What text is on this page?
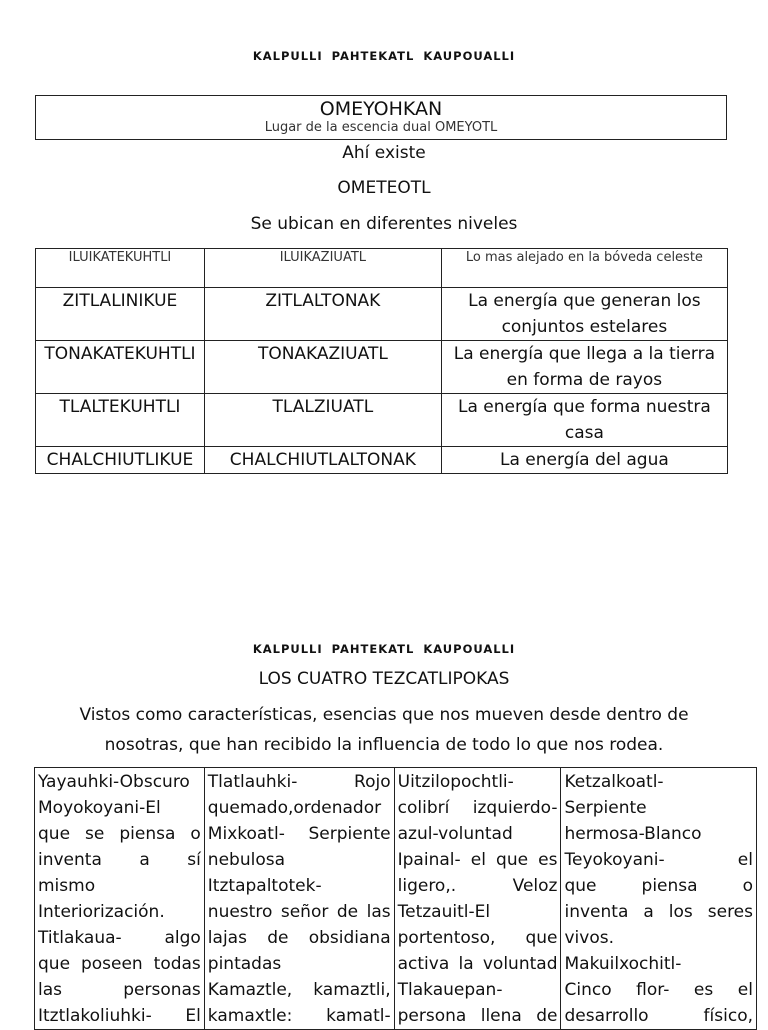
KALPULLI PAHTEKATL KAUPOUALLI
OMEYOHKAN
Lugar de la escencia dual OMEYOTL
Ahí existe
OMETEOTL
Se ubican en diferentes niveles
ILUIKATEKUHTLI	ILUIKAZIUATL	Lo mas alejado en la bóveda celeste
ZITLALINIKUE	ZITLALTONAK	La energía que generan los conjuntos estelares
TONAKATEKUHTLI	TONAKAZIUATL	La energía que llega a la tierra en forma de rayos
TLALTEKUHTLI	TLALZIUATL	La energía que forma nuestra casa
CHALCHIUTLIKUE	CHALCHIUTLALTONAK	La energía del agua
KALPULLI PAHTEKATL KAUPOUALLI
LOS CUATRO TEZCATLIPOKAS
Vistos como características, esencias que nos mueven desde dentro de
nosotras, que han recibido la influencia de todo lo que nos rodea.
Yayauhki-Obscuro
Moyokoyani-El
que se piensa o
inventa a sí
mismo
Interiorización.
Titlakaua- algo
que poseen todas
las personas
Itztlakoliuhki- El

Tlatlauhki- Rojo
quemado,ordenador
Mixkoatl- Serpiente
nebulosa
Itztapaltotek-
nuestro señor de las
lajas de obsidiana
pintadas
Kamaztle, kamaztli,
kamaxtle: kamatl-

Uitzilopochtli-
colibrí izquierdo-
azul-voluntad
Ipainal- el que es
ligero,. Veloz
Tetzauitl-El
portentoso, que
activa la voluntad
Tlakauepan-
persona llena de

Ketzalkoatl-
Serpiente
hermosa-Blanco
Teyokoyani- el
que piensa o
inventa a los seres
vivos.
Makuilxochitl-
Cinco flor- es el
desarrollo físico,
